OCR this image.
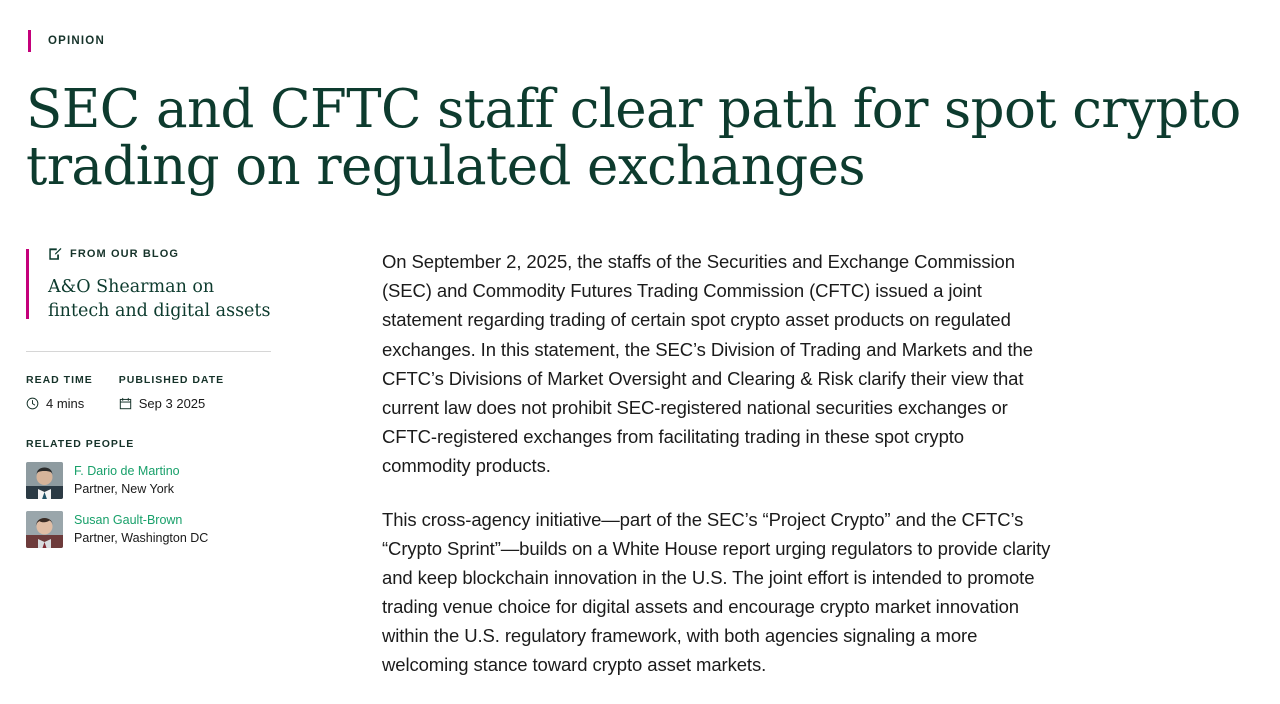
OPINION
SEC and CFTC staff clear path for spot crypto trading on regulated exchanges
FROM OUR BLOG
A&O Shearman on fintech and digital assets
READ TIME
4 mins
PUBLISHED DATE
Sep 3 2025
RELATED PEOPLE
F. Dario de Martino
Partner, New York
Susan Gault-Brown
Partner, Washington DC

On September 2, 2025, the staffs of the Securities and Exchange Commission (SEC) and Commodity Futures Trading Commission (CFTC) issued a joint statement regarding trading of certain spot crypto asset products on regulated exchanges. In this statement, the SEC’s Division of Trading and Markets and the CFTC’s Divisions of Market Oversight and Clearing & Risk clarify their view that current law does not prohibit SEC-registered national securities exchanges or CFTC-registered exchanges from facilitating trading in these spot crypto commodity products.

This cross-agency initiative—part of the SEC’s “Project Crypto” and the CFTC’s “Crypto Sprint”—builds on a White House report urging regulators to provide clarity and keep blockchain innovation in the U.S. The joint effort is intended to promote trading venue choice for digital assets and encourage crypto market innovation within the U.S. regulatory framework, with both agencies signaling a more welcoming stance toward crypto asset markets.
